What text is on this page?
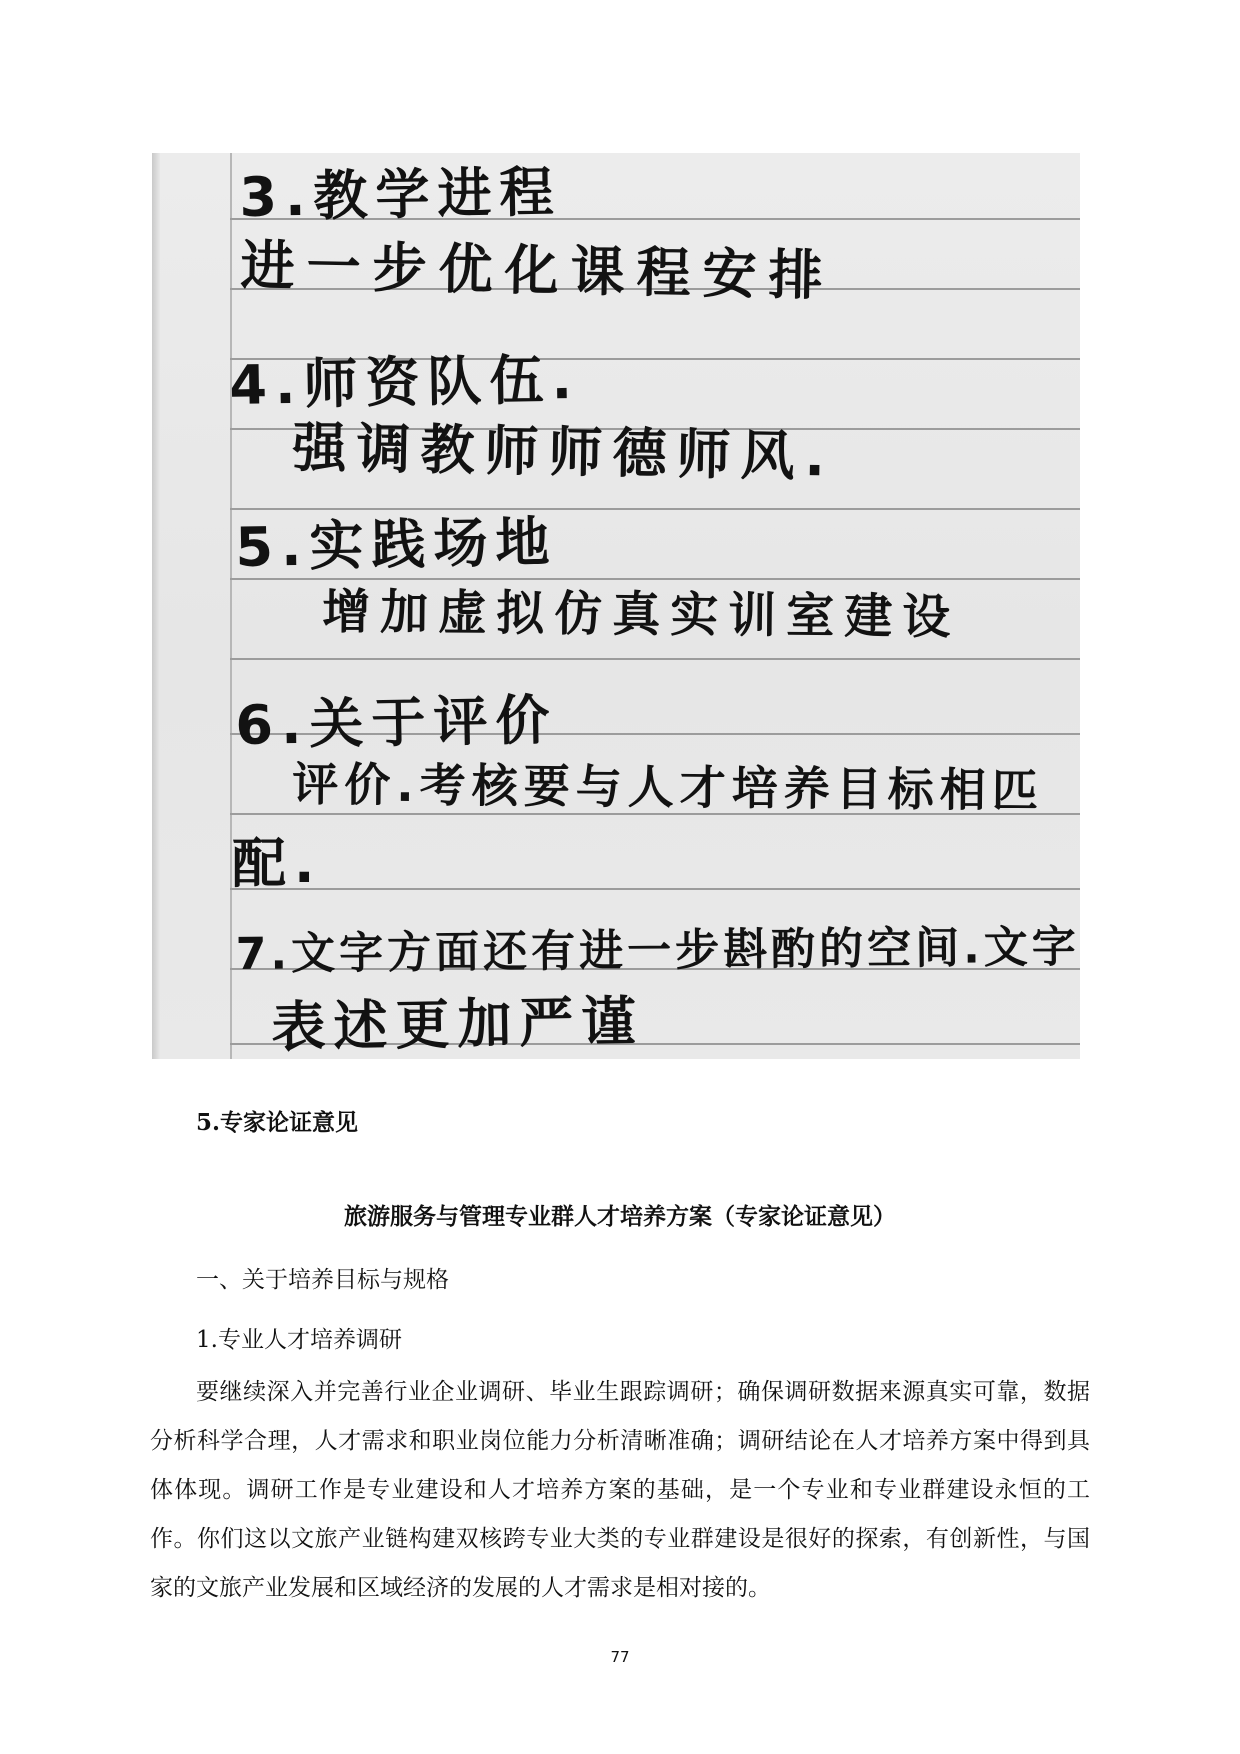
3.教学进程
进一步优化课程安排
4.师资队伍.
强调教师师德师风.
5.实践场地
增加虚拟仿真实训室建设
6.关于评价
评价.考核要与人才培养目标相匹
配.
7.文字方面还有进一步斟酌的空间.文字
表述更加严谨
5.专家论证意见
旅游服务与管理专业群人才培养方案（专家论证意见）
一、关于培养目标与规格
1.专业人才培养调研

要继续深入并完善行业企业调研、毕业生跟踪调研；确保调研数据来源真实可靠，数据分析科学合理，人才需求和职业岗位能力分析清晰准确；调研结论在人才培养方案中得到具体体现。调研工作是专业建设和人才培养方案的基础，是一个专业和专业群建设永恒的工作。你们这以文旅产业链构建双核跨专业大类的专业群建设是很好的探索，有创新性，与国家的文旅产业发展和区域经济的发展的人才需求是相对接的。

77
